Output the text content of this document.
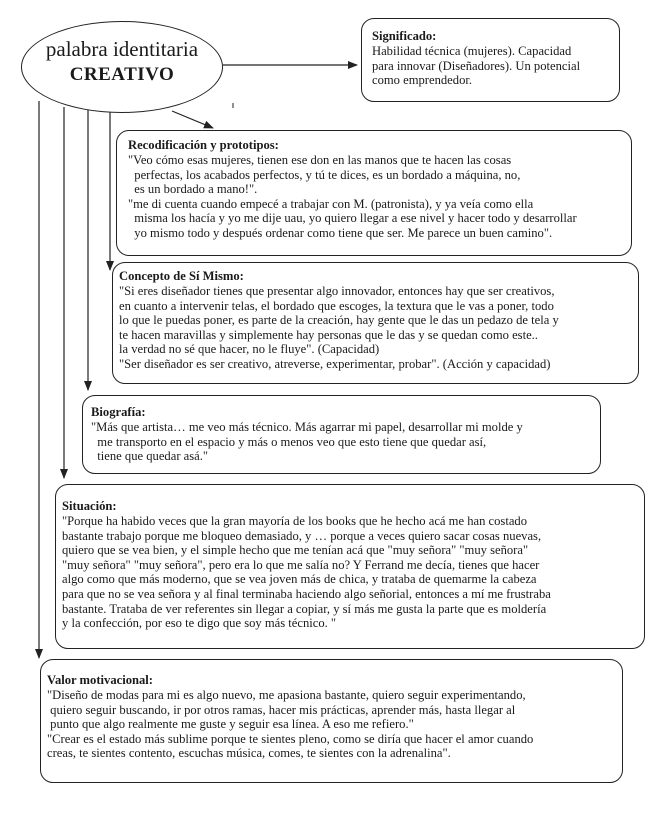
palabra identitaria
CREATIVO
Significado:

Habilidad técnica (mujeres). Capacidad

para innovar (Diseñadores). Un potencial

como emprendedor.

Recodificación y prototipos:

"Veo cómo esas mujeres, tienen ese don en las manos que te hacen las cosas

perfectas, los acabados perfectos, y tú te dices, es un bordado a máquina, no,

es un bordado a mano!".

"me di cuenta cuando empecé a trabajar con M. (patronista), y ya veía como ella

misma los hacía y yo me dije uau, yo quiero llegar a ese nivel y hacer todo y desarrollar

yo mismo todo y después ordenar como tiene que ser. Me parece un buen camino".

Concepto de Sí Mismo:

"Si eres diseñador tienes que presentar algo innovador, entonces hay que ser creativos,

en cuanto a intervenir telas, el bordado que escoges, la textura que le vas a poner, todo

lo que le puedas poner, es parte de la creación, hay gente que le das un pedazo de tela y

te hacen maravillas y simplemente hay personas que le das y se quedan como este..

la verdad no sé que hacer, no le fluye". (Capacidad)

"Ser diseñador es ser creativo, atreverse, experimentar, probar". (Acción y capacidad)

Biografía:

"Más que artista… me veo más técnico. Más agarrar mi papel, desarrollar mi molde y

me transporto en el espacio y más o menos veo que esto tiene que quedar así,

tiene que quedar asá."

Situación:

"Porque ha habido veces que la gran mayoría de los books que he hecho acá me han costado

bastante trabajo porque me bloqueo demasiado, y … porque a veces quiero sacar cosas nuevas,

quiero que se vea bien, y el simple hecho que me tenían acá que "muy señora" "muy señora"

"muy señora" "muy señora", pero era lo que me salía no? Y Ferrand me decía, tienes que hacer

algo como que más moderno, que se vea joven más de chica, y trataba de quemarme la cabeza

para que no se vea señora y al final terminaba haciendo algo señorial, entonces a mí me frustraba

bastante. Trataba de ver referentes sin llegar a copiar, y sí más me gusta la parte que es moldería

y la confección, por eso te digo que soy más técnico. "

Valor motivacional:

"Diseño de modas para mi es algo nuevo, me apasiona bastante, quiero seguir experimentando,

quiero seguir buscando, ir por otros ramas, hacer mis prácticas, aprender más, hasta llegar al

punto que algo realmente me guste y seguir esa línea. A eso me refiero."

"Crear es el estado más sublime porque te sientes pleno, como se diría que hacer el amor cuando

creas, te sientes contento, escuchas música, comes, te sientes con la adrenalina".
